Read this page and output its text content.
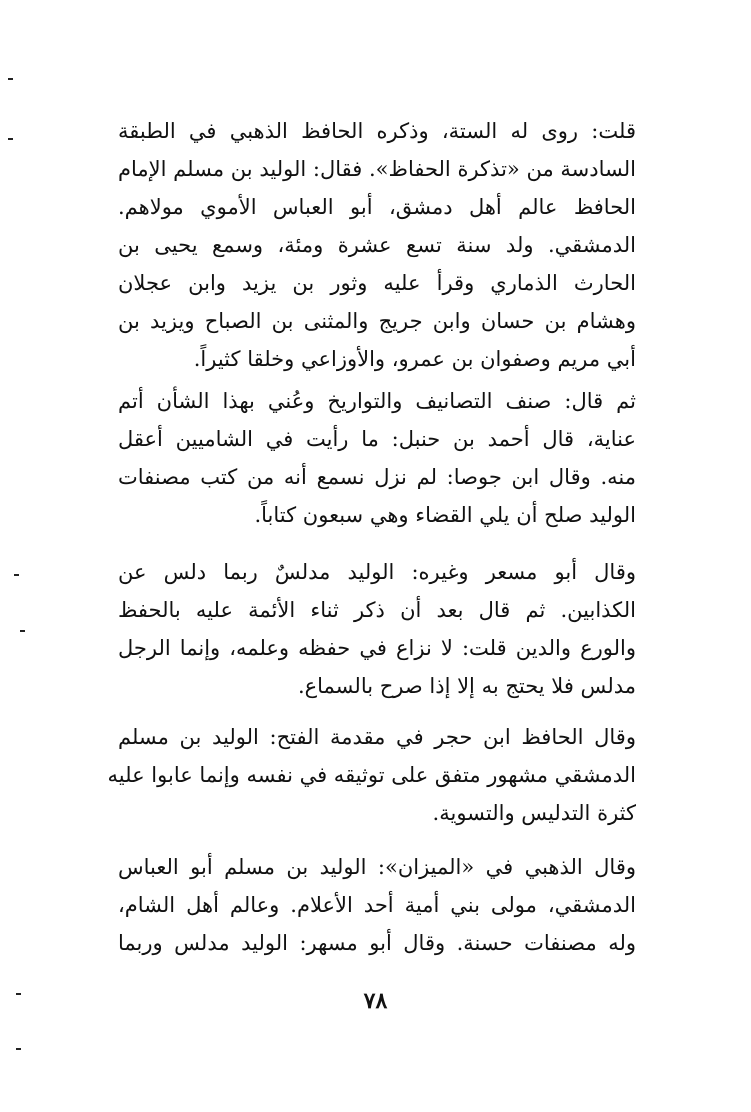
قلت: روى له الستة، وذكره الحافظ الذهبي في الطبقة
السادسة من «تذكرة الحفاظ». فقال: الوليد بن مسلم الإمام
الحافظ عالم أهل دمشق، أبو العباس الأموي مولاهم.
الدمشقي. ولد سنة تسع عشرة ومئة، وسمع يحيى بن
الحارث الذماري وقرأ عليه وثور بن يزيد وابن عجلان
وهشام بن حسان وابن جريج والمثنى بن الصباح ويزيد بن
أبي مريم وصفوان بن عمرو، والأوزاعي وخلقا كثيراً.
ثم قال: صنف التصانيف والتواريخ وعُني بهذا الشأن أتم
عناية، قال أحمد بن حنبل: ما رأيت في الشاميين أعقل
منه. وقال ابن جوصا: لم نزل نسمع أنه من كتب مصنفات
الوليد صلح أن يلي القضاء وهي سبعون كتاباً.
وقال أبو مسعر وغيره: الوليد مدلسٌ ربما دلس عن
الكذابين. ثم قال بعد أن ذكر ثناء الأئمة عليه بالحفظ
والورع والدين قلت: لا نزاع في حفظه وعلمه، وإنما الرجل
مدلس فلا يحتج به إلا إذا صرح بالسماع.
وقال الحافظ ابن حجر في مقدمة الفتح: الوليد بن مسلم
الدمشقي مشهور متفق على توثيقه في نفسه وإنما عابوا عليه
كثرة التدليس والتسوية.
وقال الذهبي في «الميزان»: الوليد بن مسلم أبو العباس
الدمشقي، مولى بني أمية أحد الأعلام. وعالم أهل الشام،
وله مصنفات حسنة. وقال أبو مسهر: الوليد مدلس وربما
٧٨
